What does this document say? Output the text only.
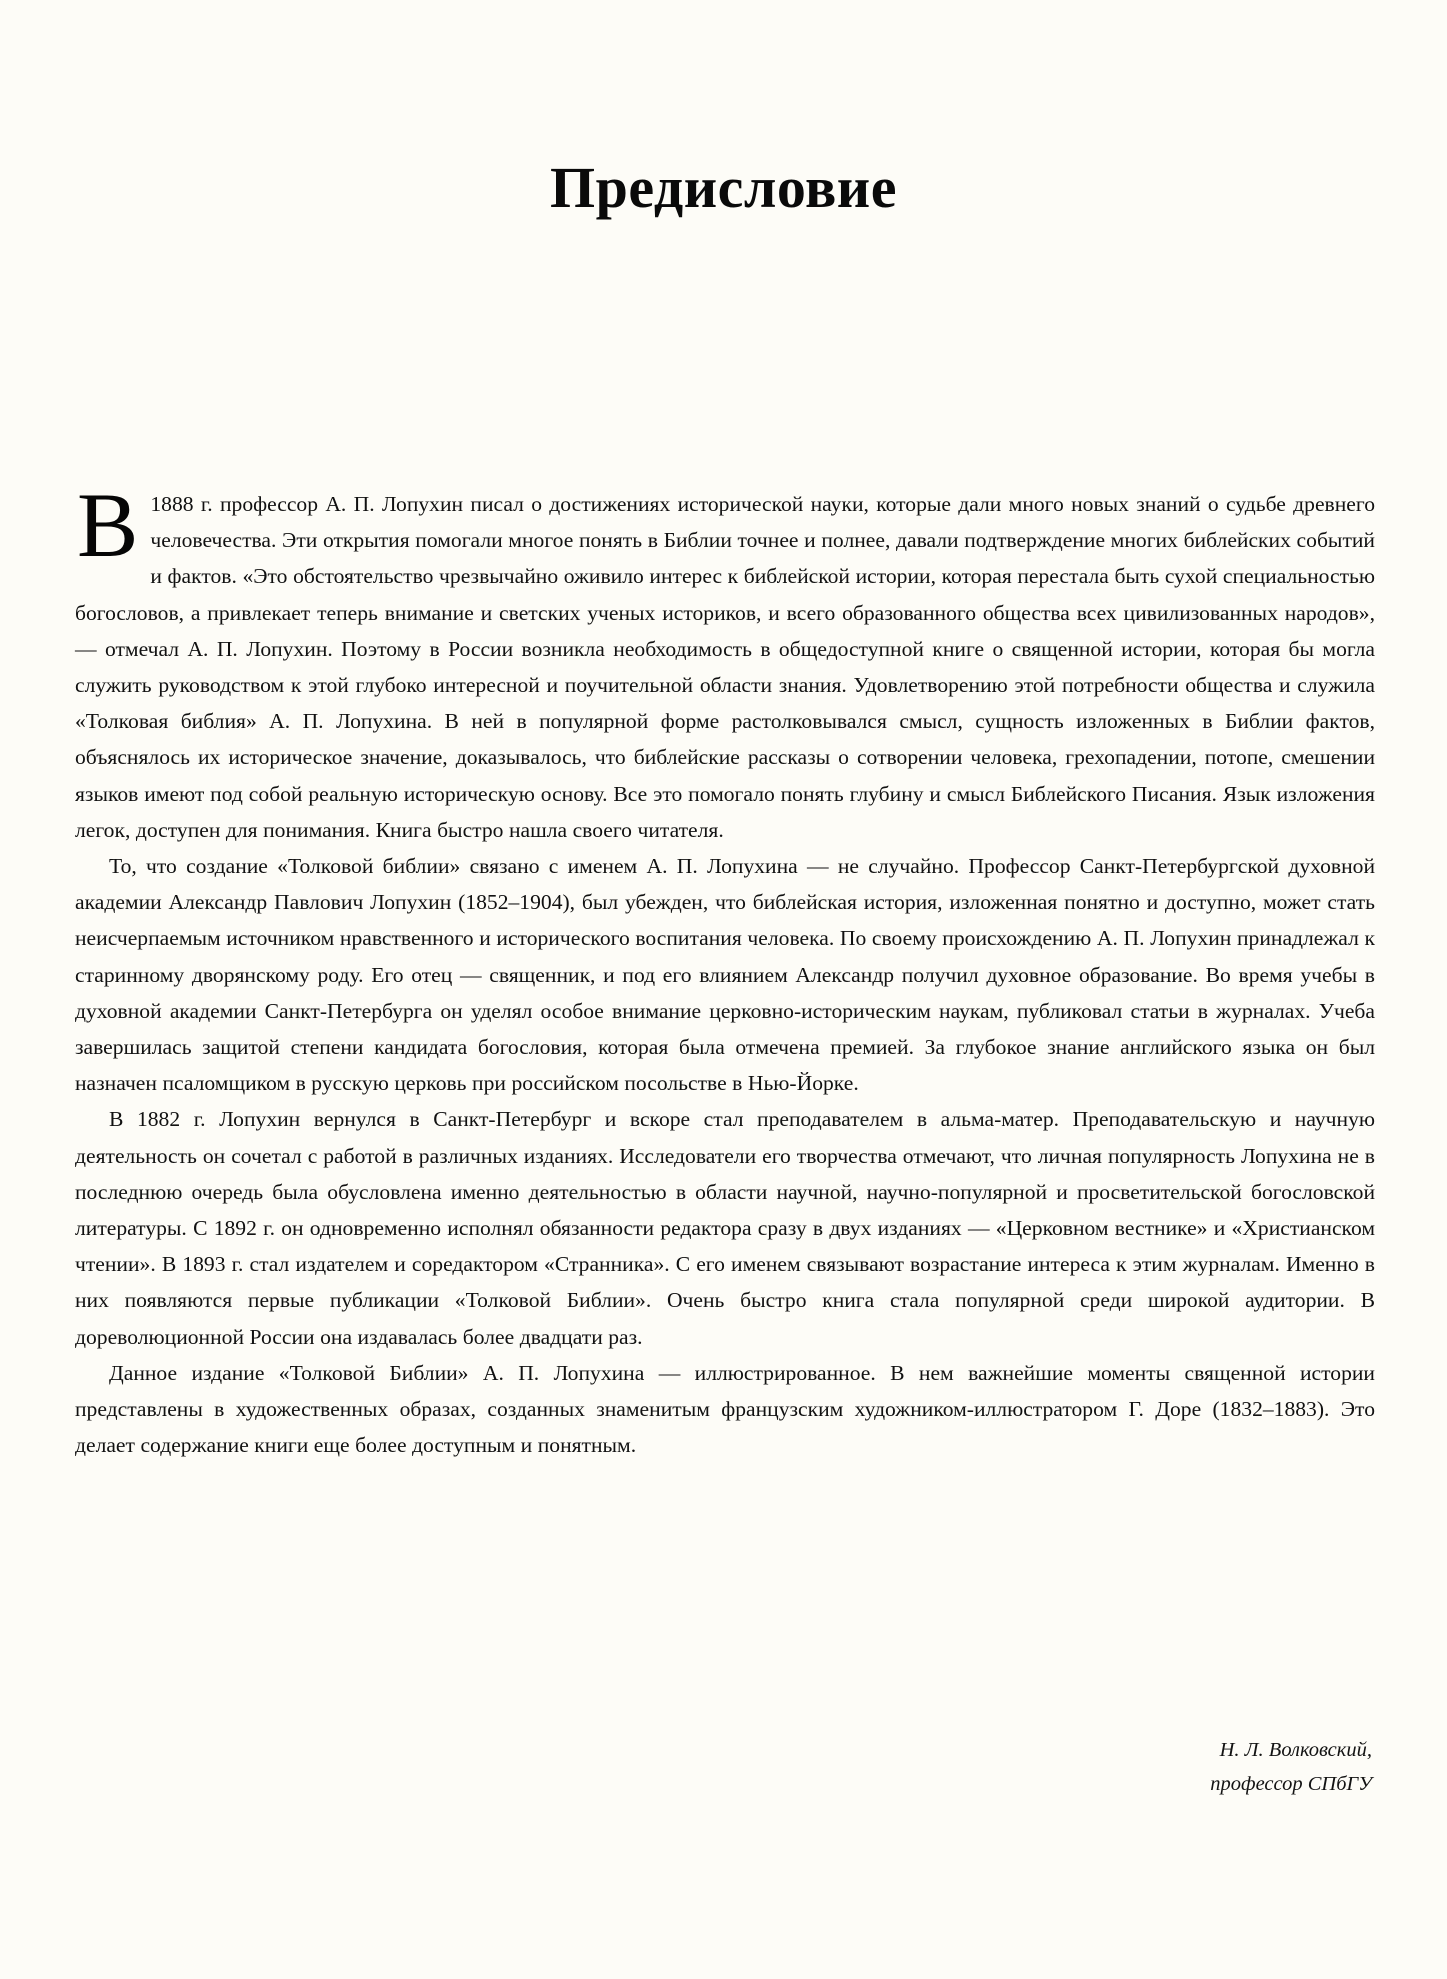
Предисловие

В 1888 г. профессор А. П. Лопухин писал о достижениях исторической науки, которые дали много новых знаний о судьбе древнего человечества. Эти открытия помогали многое понять в Библии точнее и полнее, давали подтверждение многих библейских событий и фактов. «Это обстоятельство чрезвычайно оживило интерес к библейской истории, которая перестала быть сухой специальностью богословов, а привлекает теперь внимание и светских ученых историков, и всего образованного общества всех цивилизованных народов», — отмечал А. П. Лопухин. Поэтому в России возникла необходимость в общедоступной книге о священной истории, которая бы могла служить руководством к этой глубоко интересной и поучительной области знания. Удовлетворению этой потребности общества и служила «Толковая библия» А. П. Лопухина. В ней в популярной форме растолковывался смысл, сущность изложенных в Библии фактов, объяснялось их историческое значение, доказывалось, что библейские рассказы о сотворении человека, грехопадении, потопе, смешении языков имеют под собой реальную историческую основу. Все это помогало понять глубину и смысл Библейского Писания. Язык изложения легок, доступен для понимания. Книга быстро нашла своего читателя.

То, что создание «Толковой библии» связано с именем А. П. Лопухина — не случайно. Профессор Санкт-Петербургской духовной академии Александр Павлович Лопухин (1852–1904), был убежден, что библейская история, изложенная понятно и доступно, может стать неисчерпаемым источником нравственного и исторического воспитания человека. По своему происхождению А. П. Лопухин принадлежал к старинному дворянскому роду. Его отец — священник, и под его влиянием Александр получил духовное образование. Во время учебы в духовной академии Санкт-Петербурга он уделял особое внимание церковно-историческим наукам, публиковал статьи в журналах. Учеба завершилась защитой степени кандидата богословия, которая была отмечена премией. За глубокое знание английского языка он был назначен псаломщиком в русскую церковь при российском посольстве в Нью-Йорке.

В 1882 г. Лопухин вернулся в Санкт-Петербург и вскоре стал преподавателем в альма-матер. Преподавательскую и научную деятельность он сочетал с работой в различных изданиях. Исследователи его творчества отмечают, что личная популярность Лопухина не в последнюю очередь была обусловлена именно деятельностью в области научной, научно-популярной и просветительской богословской литературы. С 1892 г. он одновременно исполнял обязанности редактора сразу в двух изданиях — «Церковном вестнике» и «Христианском чтении». В 1893 г. стал издателем и соредактором «Странника». С его именем связывают возрастание интереса к этим журналам. Именно в них появляются первые публикации «Толковой Библии». Очень быстро книга стала популярной среди широкой аудитории. В дореволюционной России она издавалась более двадцати раз.

Данное издание «Толковой Библии» А. П. Лопухина — иллюстрированное. В нем важнейшие моменты священной истории представлены в художественных образах, созданных знаменитым французским художником-иллюстратором Г. Доре (1832–1883). Это делает содержание книги еще более доступным и понятным.

Н. Л. Волковский,
профессор СПбГУ
